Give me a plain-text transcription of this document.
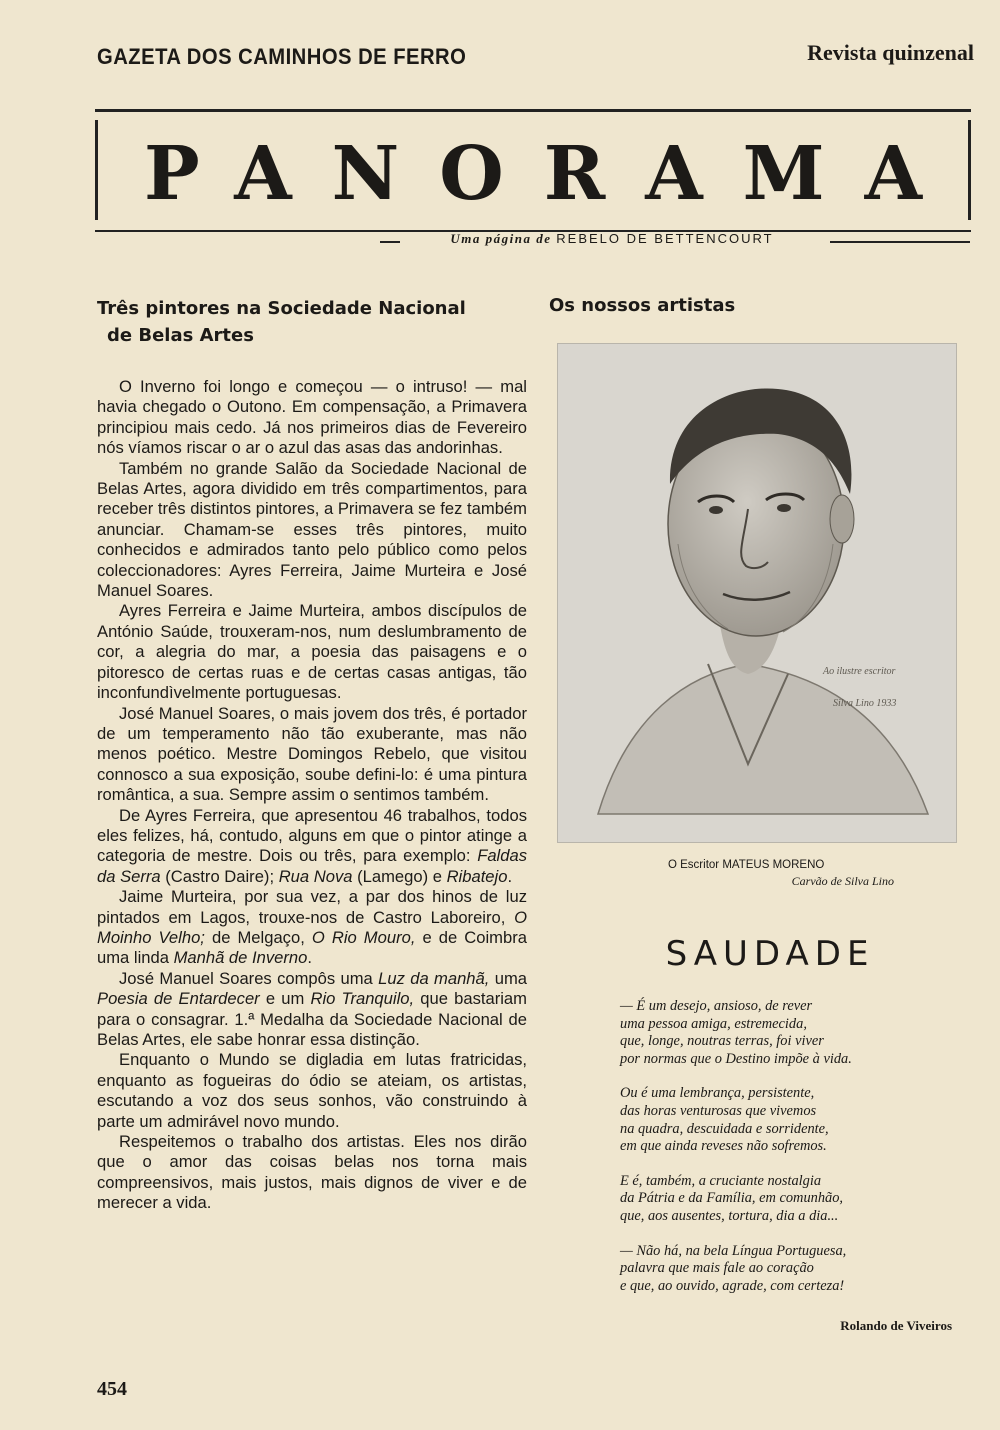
GAZETA DOS CAMINHOS DE FERRO	Revista quinzenal
PANORAMA
Uma página de REBELO DE BETTENCOURT
Três pintores na Sociedade Nacional
de Belas Artes

O Inverno foi longo e começou — o intruso! — mal havia chegado o Outono. Em compensação, a Primavera principiou mais cedo. Já nos primeiros dias de Fevereiro nós víamos riscar o ar o azul das asas das andorinhas.

Também no grande Salão da Sociedade Nacional de Belas Artes, agora dividido em três compartimentos, para receber três distintos pintores, a Primavera se fez também anunciar. Chamam-se esses três pintores, muito conhecidos e admirados tanto pelo público como pelos coleccionadores: Ayres Ferreira, Jaime Murteira e José Manuel Soares.

Ayres Ferreira e Jaime Murteira, ambos discípulos de António Saúde, trouxeram-nos, num deslumbramento de cor, a alegria do mar, a poesia das paisagens e o pitoresco de certas ruas e de certas casas antigas, tão inconfundìvelmente portuguesas.

José Manuel Soares, o mais jovem dos três, é portador de um temperamento não tão exuberante, mas não menos poético. Mestre Domingos Rebelo, que visitou connosco a sua exposição, soube defini-lo: é uma pintura romântica, a sua. Sempre assim o sentimos também.

De Ayres Ferreira, que apresentou 46 trabalhos, todos eles felizes, há, contudo, alguns em que o pintor atinge a categoria de mestre. Dois ou três, para exemplo: Faldas da Serra (Castro Daire); Rua Nova (Lamego) e Ribatejo.

Jaime Murteira, por sua vez, a par dos hinos de luz pintados em Lagos, trouxe-nos de Castro Laboreiro, O Moinho Velho; de Melgaço, O Rio Mouro, e de Coimbra uma linda Manhã de Inverno.

José Manuel Soares compôs uma Luz da manhã, uma Poesia de Entardecer e um Rio Tranquilo, que bastariam para o consagrar. 1.ª Medalha da Sociedade Nacional de Belas Artes, ele sabe honrar essa distinção.

Enquanto o Mundo se digladia em lutas fratricidas, enquanto as fogueiras do ódio se ateiam, os artistas, escutando a voz dos seus sonhos, vão construindo à parte um admirável novo mundo.

Respeitemos o trabalho dos artistas. Eles nos dirão que o amor das coisas belas nos torna mais compreensivos, mais justos, mais dignos de viver e de merecer a vida.

Os nossos artistas
Ao ilustre escritor
Silva Lino 1933
O Escritor MATEUS MORENO
Carvão de Silva Lino
SAUDADE
— É um desejo, ansioso, de rever
uma pessoa amiga, estremecida,
que, longe, noutras terras, foi viver
por normas que o Destino impõe à vida.
Ou é uma lembrança, persistente,
das horas venturosas que vivemos
na quadra, descuidada e sorridente,
em que ainda reveses não sofremos.
E é, também, a cruciante nostalgia
da Pátria e da Família, em comunhão,
que, aos ausentes, tortura, dia a dia...
— Não há, na bela Língua Portuguesa,
palavra que mais fale ao coração
e que, ao ouvido, agrade, com certeza!
Rolando de Viveiros
454
